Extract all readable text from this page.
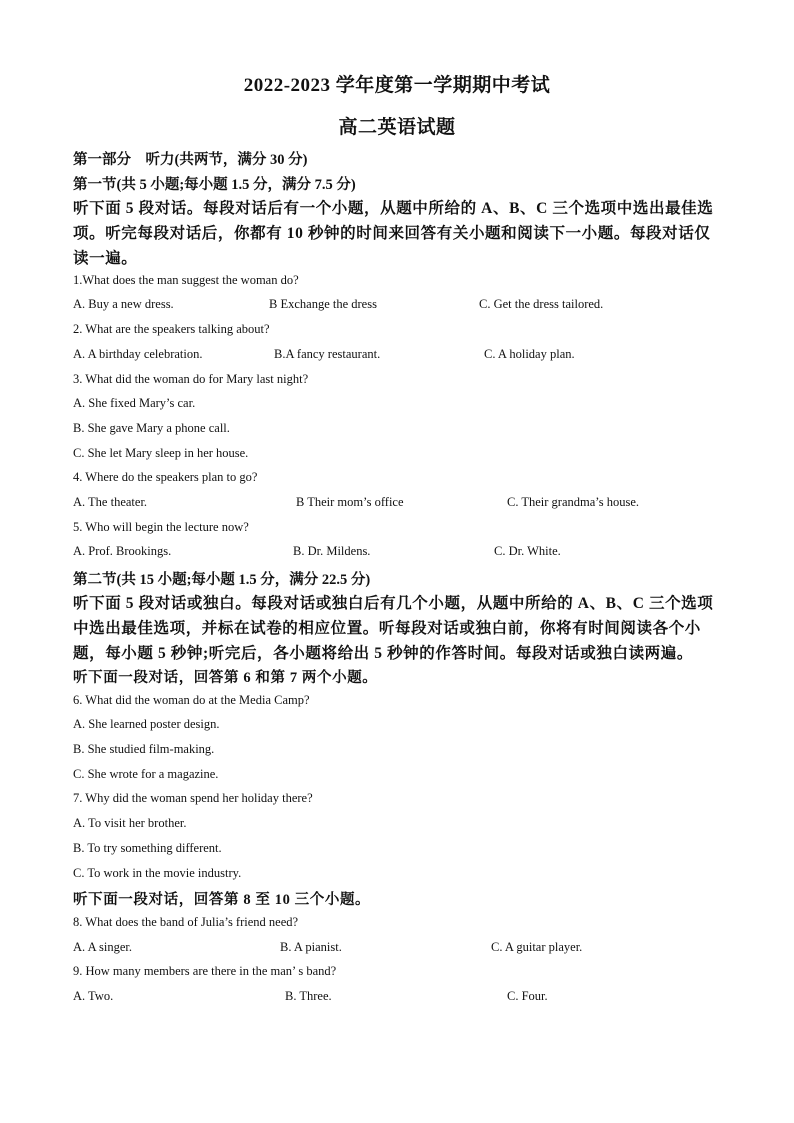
2022-2023 学年度第一学期期中考试
高二英语试题
第一部分　听力(共两节，满分 30 分)
第一节(共 5 小题;每小题 1.5 分，满分 7.5 分)
听下面 5 段对话。每段对话后有一个小题，从题中所给的 A、B、C 三个选项中选出最佳选
项。听完每段对话后，你都有 10 秒钟的时间来回答有关小题和阅读下一小题。每段对话仅
读一遍。
1.What does the man suggest the woman do?
A. Buy a new dress.	B Exchange the dress	C. Get the dress tailored.
2. What are the speakers talking about?
A. A birthday celebration.	B.A fancy restaurant.	C. A holiday plan.
3. What did the woman do for Mary last night?
A. She fixed Mary’s car.
B. She gave Mary a phone call.
C. She let Mary sleep in her house.
4. Where do the speakers plan to go?
A. The theater.	B Their mom’s office	C. Their grandma’s house.
5. Who will begin the lecture now?
A. Prof. Brookings.	B. Dr. Mildens.	C. Dr. White.
第二节(共 15 小题;每小题 1.5 分，满分 22.5 分)
听下面 5 段对话或独白。每段对话或独白后有几个小题，从题中所给的 A、B、C 三个选项
中选出最佳选项，并标在试卷的相应位置。听每段对话或独白前，你将有时间阅读各个小
题，每小题 5 秒钟;听完后，各小题将给出 5 秒钟的作答时间。每段对话或独白读两遍。
听下面一段对话，回答第 6 和第 7 两个小题。
6. What did the woman do at the Media Camp?
A. She learned poster design.
B. She studied film-making.
C. She wrote for a magazine.
7. Why did the woman spend her holiday there?
A. To visit her brother.
B. To try something different.
C. To work in the movie industry.
听下面一段对话，回答第 8 至 10 三个小题。
8. What does the band of Julia’s friend need?
A. A singer.	B. A pianist.	C. A guitar player.
9. How many members are there in the man’ s band?
A. Two.	B. Three.	C. Four.
